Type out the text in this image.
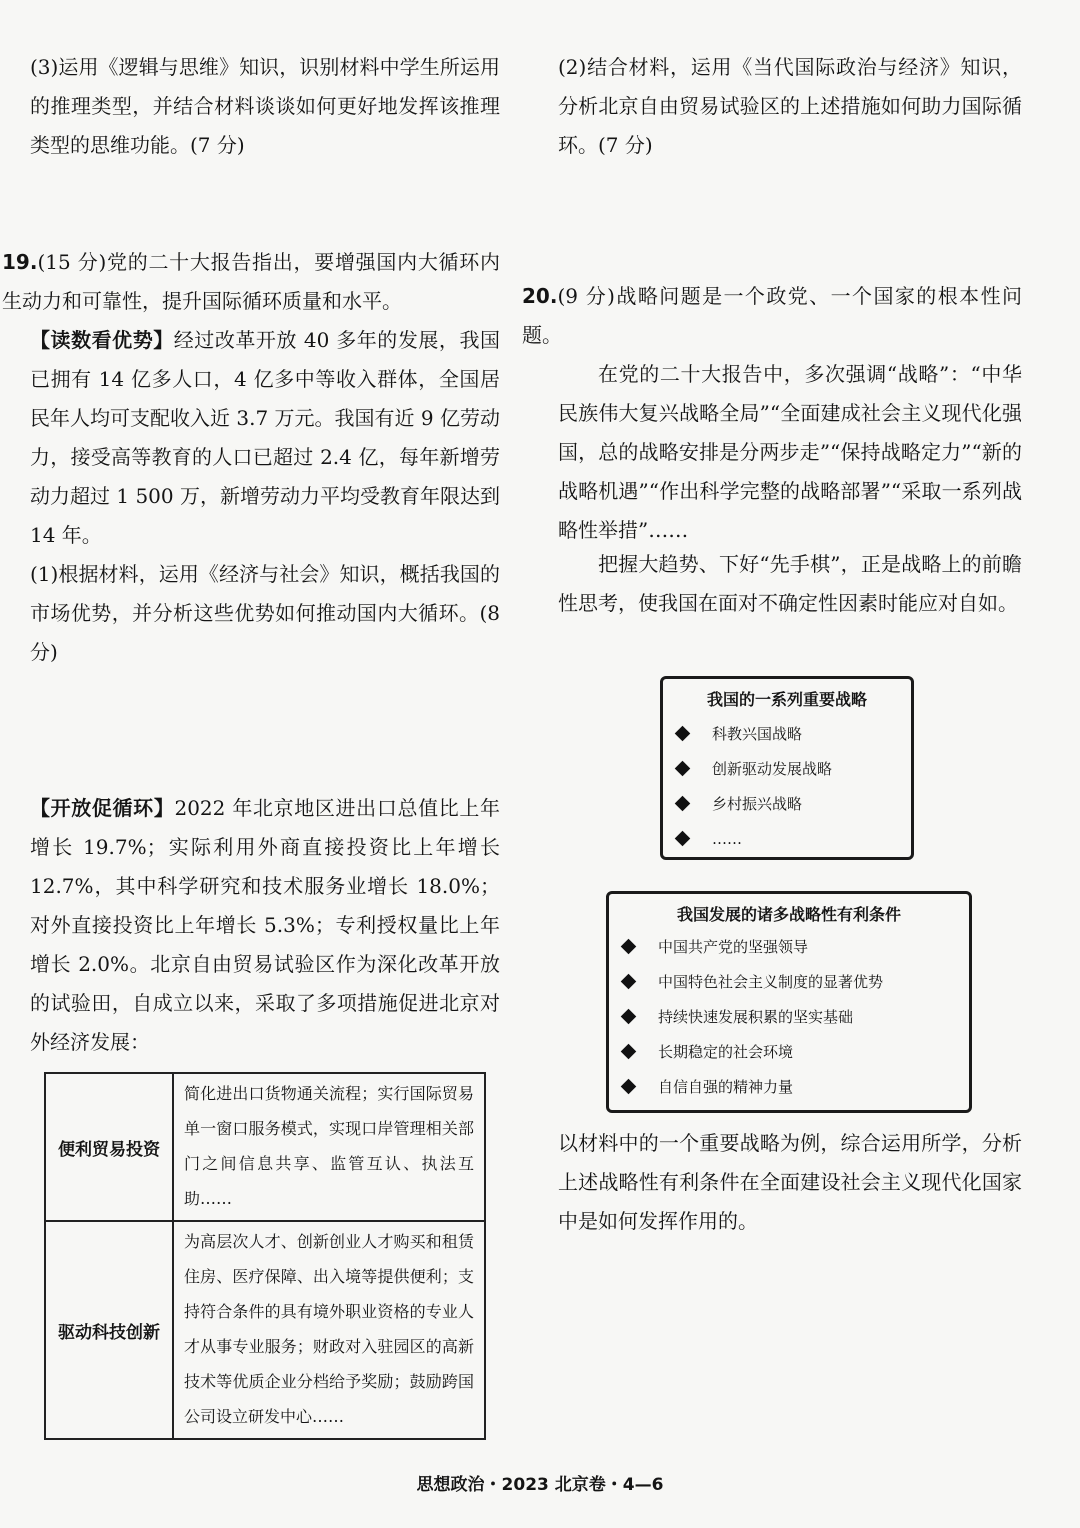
(3)运用《逻辑与思维》知识，识别材料中学生所运用的推理类型，并结合材料谈谈如何更好地发挥该推理类型的思维功能。(7 分)

19.(15 分)党的二十大报告指出，要增强国内大循环内生动力和可靠性，提升国际循环质量和水平。

【读数看优势】经过改革开放 40 多年的发展，我国已拥有 14 亿多人口，4 亿多中等收入群体，全国居民年人均可支配收入近 3.7 万元。我国有近 9 亿劳动力，接受高等教育的人口已超过 2.4 亿，每年新增劳动力超过 1 500 万，新增劳动力平均受教育年限达到 14 年。

(1)根据材料，运用《经济与社会》知识，概括我国的市场优势，并分析这些优势如何推动国内大循环。(8 分)

【开放促循环】2022 年北京地区进出口总值比上年增长 19.7%；实际利用外商直接投资比上年增长 12.7%，其中科学研究和技术服务业增长 18.0%；对外直接投资比上年增长 5.3%；专利授权量比上年增长 2.0%。北京自由贸易试验区作为深化改革开放的试验田，自成立以来，采取了多项措施促进北京对外经济发展：

便利贸易投资	简化进出口货物通关流程；实行国际贸易单一窗口服务模式，实现口岸管理相关部门之间信息共享、监管互认、执法互助……
驱动科技创新	为高层次人才、创新创业人才购买和租赁住房、医疗保障、出入境等提供便利；支持符合条件的具有境外职业资格的专业人才从事专业服务；财政对入驻园区的高新技术等优质企业分档给予奖励；鼓励跨国公司设立研发中心……

(2)结合材料，运用《当代国际政治与经济》知识，分析北京自由贸易试验区的上述措施如何助力国际循环。(7 分)

20.(9 分)战略问题是一个政党、一个国家的根本性问题。

在党的二十大报告中，多次强调“战略”：“中华民族伟大复兴战略全局”“全面建成社会主义现代化强国，总的战略安排是分两步走”“保持战略定力”“新的战略机遇”“作出科学完整的战略部署”“采取一系列战略性举措”……

把握大趋势、下好“先手棋”，正是战略上的前瞻性思考，使我国在面对不确定性因素时能应对自如。

我国的一系列重要战略
科教兴国战略
创新驱动发展战略
乡村振兴战略
……
我国发展的诸多战略性有利条件
中国共产党的坚强领导
中国特色社会主义制度的显著优势
持续快速发展积累的坚实基础
长期稳定的社会环境
自信自强的精神力量

以材料中的一个重要战略为例，综合运用所学，分析上述战略性有利条件在全面建设社会主义现代化国家中是如何发挥作用的。

思想政治・2023 北京卷・4—6
